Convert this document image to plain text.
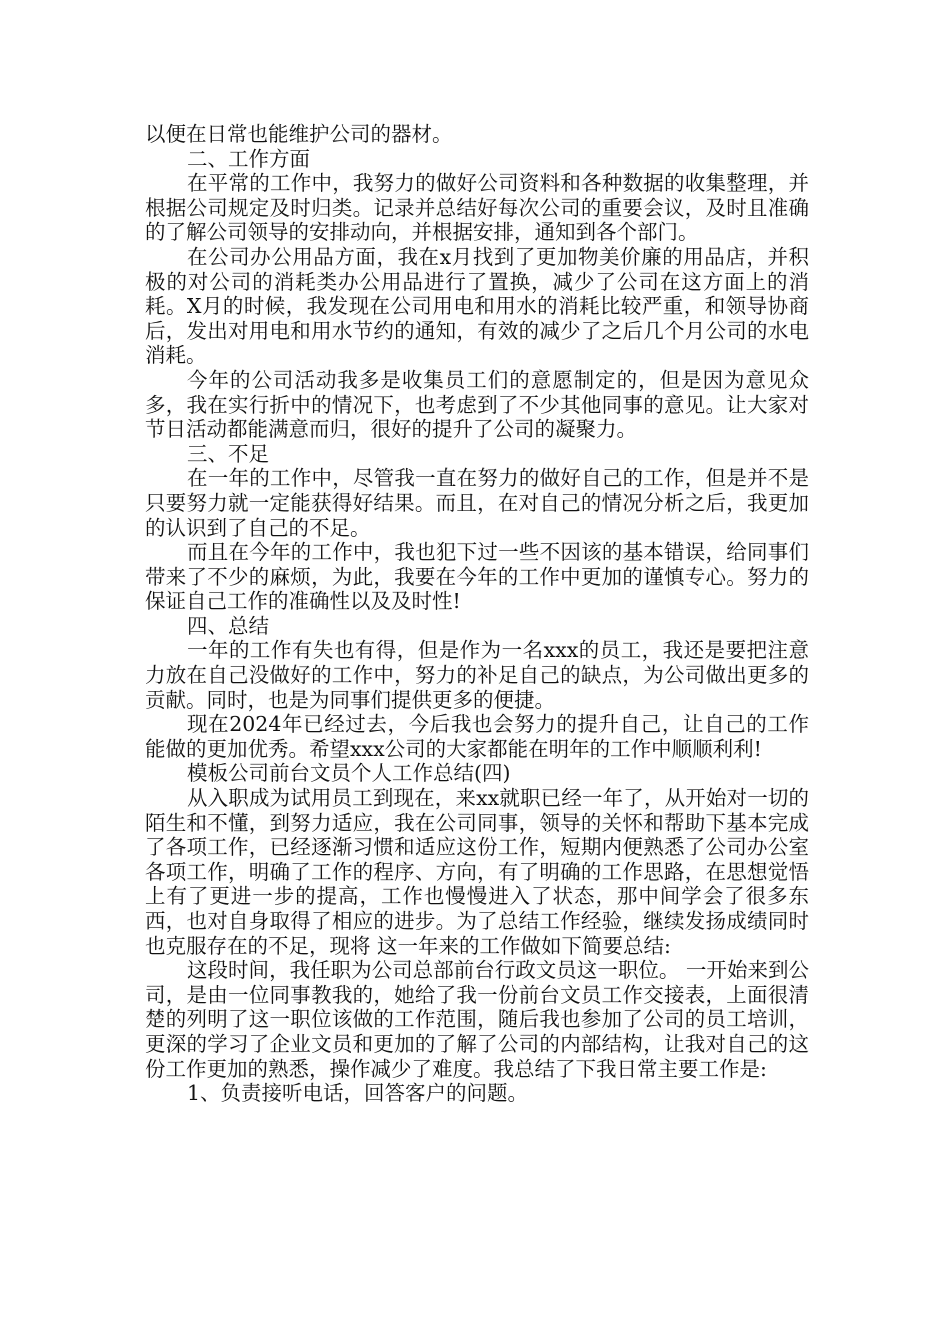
以便在日常也能维护公司的器材。

二、工作方面

在平常的工作中，我努力的做好公司资料和各种数据的收集整理，并根据公司规定及时归类。记录并总结好每次公司的重要会议，及时且准确的了解公司领导的安排动向，并根据安排，通知到各个部门。

在公司办公用品方面，我在x月找到了更加物美价廉的用品店，并积极的对公司的消耗类办公用品进行了置换，减少了公司在这方面上的消耗。X月的时候，我发现在公司用电和用水的消耗比较严重，和领导协商后，发出对用电和用水节约的通知，有效的减少了之后几个月公司的水电消耗。

今年的公司活动我多是收集员工们的意愿制定的，但是因为意见众多，我在实行折中的情况下，也考虑到了不少其他同事的意见。让大家对节日活动都能满意而归，很好的提升了公司的凝聚力。

三、不足

在一年的工作中，尽管我一直在努力的做好自己的工作，但是并不是只要努力就一定能获得好结果。而且，在对自己的情况分析之后，我更加的认识到了自己的不足。

而且在今年的工作中，我也犯下过一些不因该的基本错误，给同事们带来了不少的麻烦，为此，我要在今年的工作中更加的谨慎专心。努力的保证自己工作的准确性以及及时性!

四、总结

一年的工作有失也有得，但是作为一名xxx的员工，我还是要把注意力放在自己没做好的工作中，努力的补足自己的缺点，为公司做出更多的贡献。同时，也是为同事们提供更多的便捷。

现在2024年已经过去，今后我也会努力的提升自己，让自己的工作能做的更加优秀。希望xxx公司的大家都能在明年的工作中顺顺利利!

模板公司前台文员个人工作总结(四)

从入职成为试用员工到现在，来xx就职已经一年了，从开始对一切的陌生和不懂，到努力适应，我在公司同事，领导的关怀和帮助下基本完成了各项工作，已经逐渐习惯和适应这份工作，短期内便熟悉了公司办公室各项工作，明确了工作的程序、方向，有了明确的工作思路，在思想觉悟上有了更进一步的提高，工作也慢慢进入了状态，那中间学会了很多东西，也对自身取得了相应的进步。为了总结工作经验，继续发扬成绩同时也克服存在的不足，现将 这一年来的工作做如下简要总结:

这段时间，我任职为公司总部前台行政文员这一职位。 一开始来到公司，是由一位同事教我的，她给了我一份前台文员工作交接表，上面很清楚的列明了这一职位该做的工作范围，随后我也参加了公司的员工培训，更深的学习了企业文员和更加的了解了公司的内部结构，让我对自己的这份工作更加的熟悉，操作减少了难度。我总结了下我日常主要工作是:

1、负责接听电话，回答客户的问题。
